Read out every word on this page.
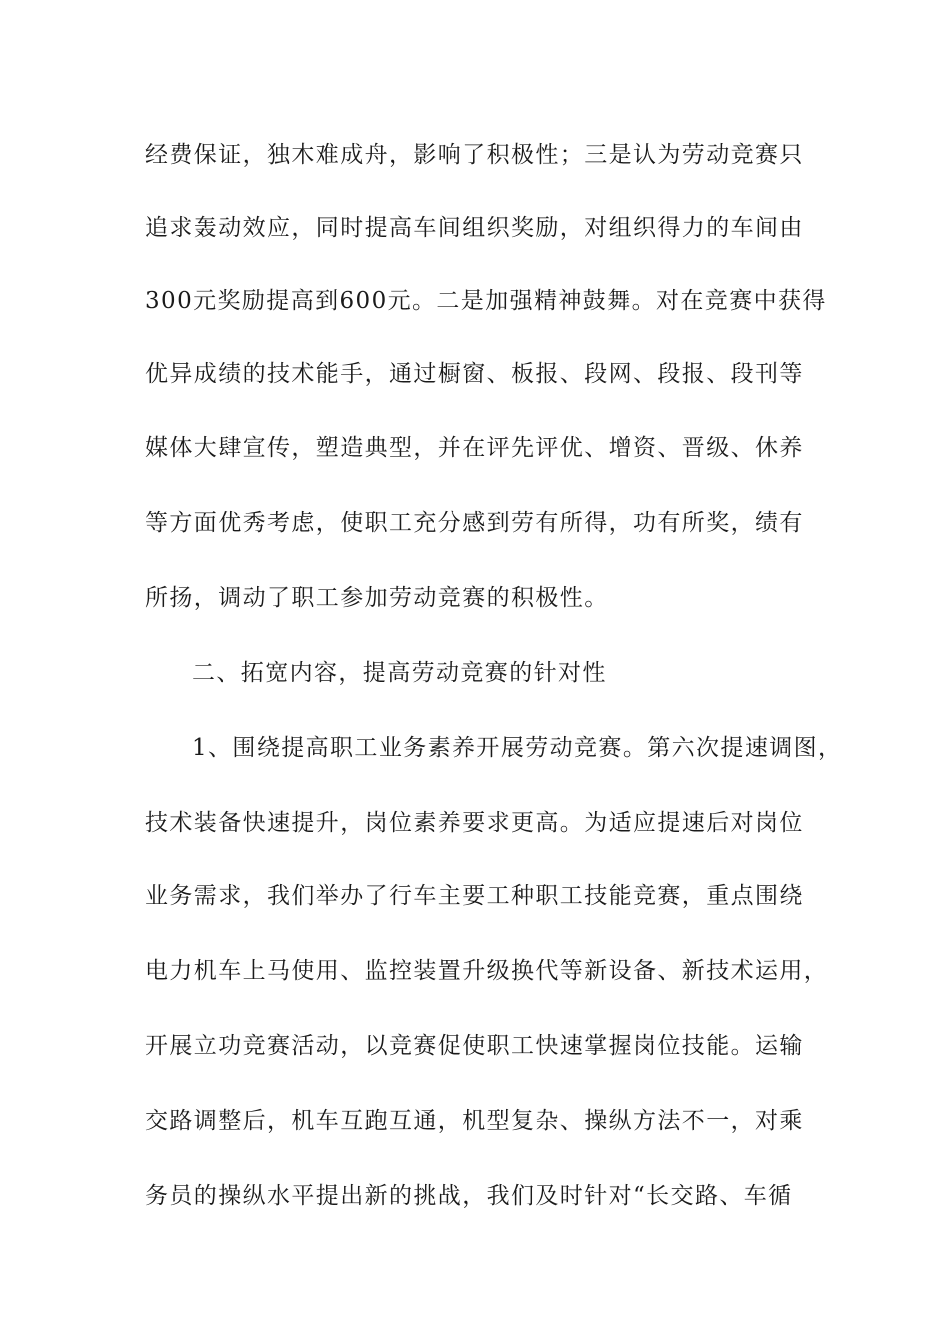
经费保证，独木难成舟，影响了积极性；三是认为劳动竞赛只
追求轰动效应，同时提高车间组织奖励，对组织得力的车间由
300元奖励提高到600元。二是加强精神鼓舞。对在竞赛中获得
优异成绩的技术能手，通过橱窗、板报、段网、段报、段刊等
媒体大肆宣传，塑造典型，并在评先评优、增资、晋级、休养
等方面优秀考虑，使职工充分感到劳有所得，功有所奖，绩有
所扬，调动了职工参加劳动竞赛的积极性。
二、拓宽内容，提高劳动竞赛的针对性
1、围绕提高职工业务素养开展劳动竞赛。第六次提速调图，
技术装备快速提升，岗位素养要求更高。为适应提速后对岗位
业务需求，我们举办了行车主要工种职工技能竞赛，重点围绕
电力机车上马使用、监控装置升级换代等新设备、新技术运用，
开展立功竞赛活动，以竞赛促使职工快速掌握岗位技能。运输
交路调整后，机车互跑互通，机型复杂、操纵方法不一，对乘
务员的操纵水平提出新的挑战，我们及时针对“长交路、车循
